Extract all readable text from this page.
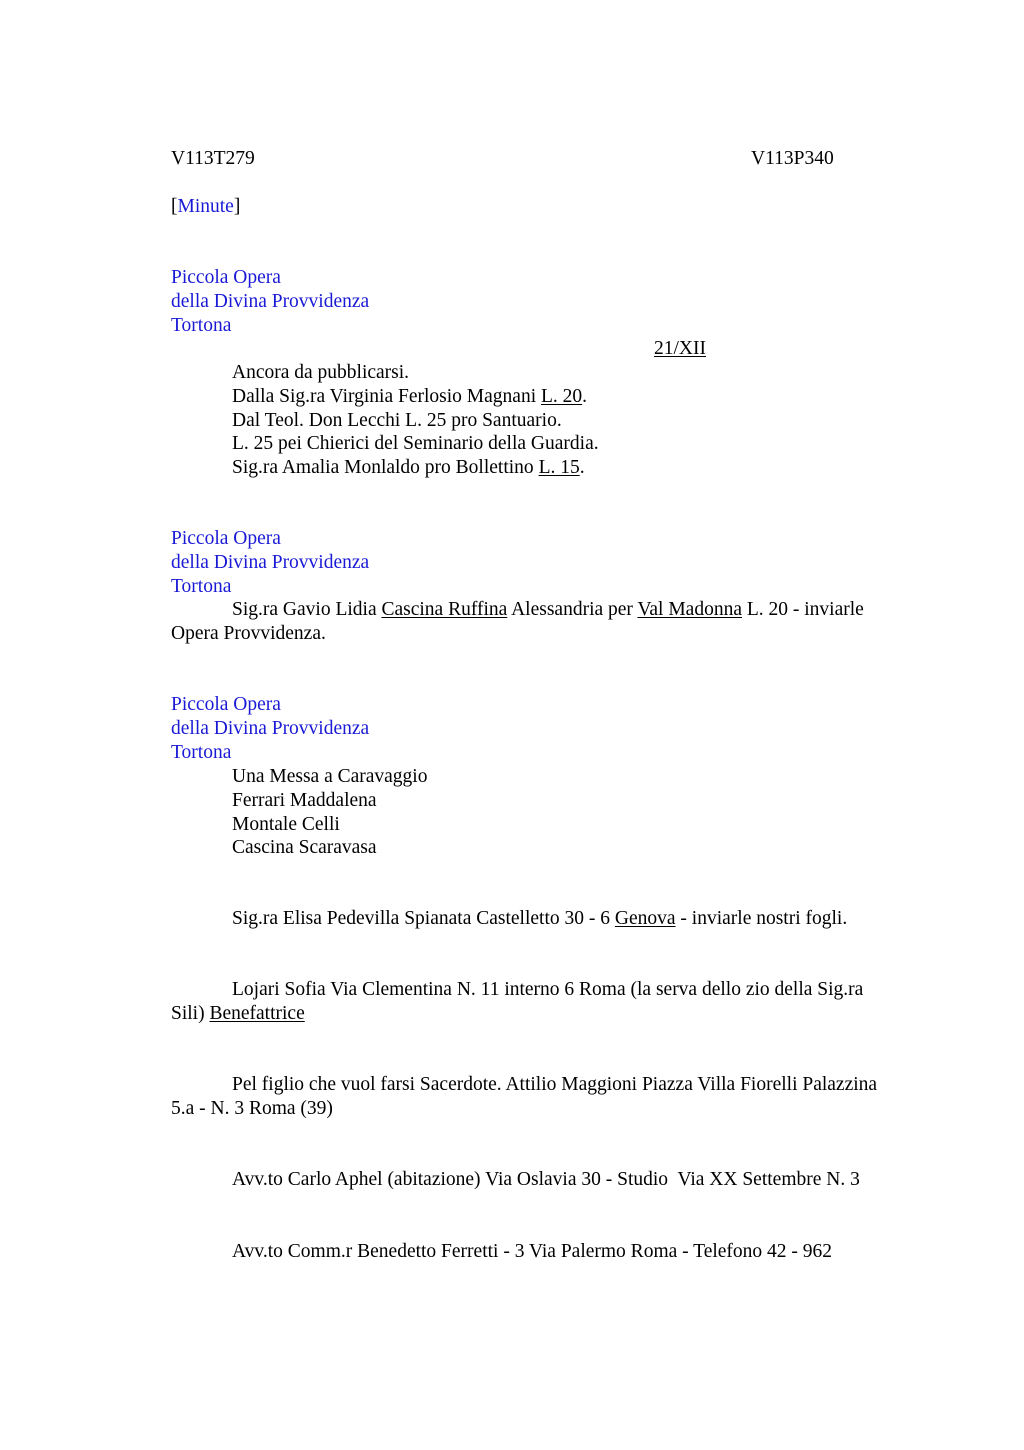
V113T279	V113P340
[Minute]
Piccola Opera
della Divina Provvidenza
Tortona
21/XII
Ancora da pubblicarsi.
Dalla Sig.ra Virginia Ferlosio Magnani L. 20.
Dal Teol. Don Lecchi L. 25 pro Santuario.
L. 25 pei Chierici del Seminario della Guardia.
Sig.ra Amalia Monlaldo pro Bollettino L. 15.
Piccola Opera
della Divina Provvidenza
Tortona
Sig.ra Gavio Lidia Cascina Ruffina Alessandria per Val Madonna L. 20 - inviarle
Opera Provvidenza.
Piccola Opera
della Divina Provvidenza
Tortona
Una Messa a Caravaggio
Ferrari Maddalena
Montale Celli
Cascina Scaravasa
Sig.ra Elisa Pedevilla Spianata Castelletto 30 - 6 Genova - inviarle nostri fogli.
Lojari Sofia Via Clementina N. 11 interno 6 Roma (la serva dello zio della Sig.ra
Sili) Benefattrice
Pel figlio che vuol farsi Sacerdote. Attilio Maggioni Piazza Villa Fiorelli Palazzina
5.a - N. 3 Roma (39)
Avv.to Carlo Aphel (abitazione) Via Oslavia 30 - Studio  Via XX Settembre N. 3
Avv.to Comm.r Benedetto Ferretti - 3 Via Palermo Roma - Telefono 42 - 962
